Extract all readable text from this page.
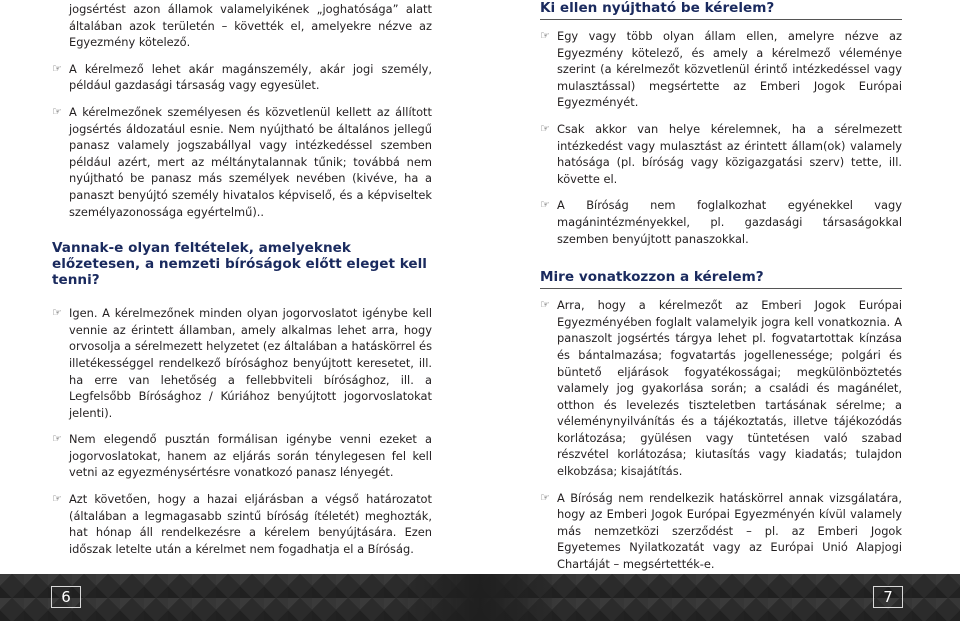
jogsértést azon államok valamelyikének „joghatósága” alatt általában azok területén – követték el, amelyekre nézve az Egyezmény kötelező.

☞ A kérelmező lehet akár magánszemély, akár jogi személy, például gazdasági társaság vagy egyesület.

☞ A kérelmezőnek személyesen és közvetlenül kellett az állított jogsértés áldozatául esnie. Nem nyújtható be általános jellegű panasz valamely jogszabállyal vagy intézkedéssel szemben például azért, mert az méltánytalannak tűnik; továbbá nem nyújtható be panasz más személyek nevében (kivéve, ha a panaszt benyújtó személy hivatalos képviselő, és a képviseltek személyazonossága egyértelmű)..

Vannak-e olyan feltételek, amelyeknek előzetesen, a nemzeti bíróságok előtt eleget kell tenni?

☞ Igen. A kérelmezőnek minden olyan jogorvoslatot igénybe kell vennie az érintett államban, amely alkalmas lehet arra, hogy orvosolja a sérelmezett helyzetet (ez általában a hatáskörrel és illetékességgel rendelkező bírósághoz benyújtott keresetet, ill. ha erre van lehetőség a fellebbviteli bírósághoz, ill. a Legfelsőbb Bírósághoz / Kúriához benyújtott jogorvoslatokat jelenti).

☞ Nem elegendő pusztán formálisan igénybe venni ezeket a jogorvoslatokat, hanem az eljárás során ténylegesen fel kell vetni az egyezménysértésre vonatkozó panasz lényegét.

☞ Azt követően, hogy a hazai eljárásban a végső határozatot (általában a legmagasabb szintű bíróság ítéletét) meghozták, hat hónap áll rendelkezésre a kérelem benyújtására. Ezen időszak letelte után a kérelmet nem fogadhatja el a Bíróság.

Ki ellen nyújtható be kérelem?

☞ Egy vagy több olyan állam ellen, amelyre nézve az Egyezmény kötelező, és amely a kérelmező véleménye szerint (a kérelmezőt közvetlenül érintő intézkedéssel vagy mulasztással) megsértette az Emberi Jogok Európai Egyezményét.

☞ Csak akkor van helye kérelemnek, ha a sérelmezett intézkedést vagy mulasztást az érintett állam(ok) valamely hatósága (pl. bíróság vagy közigazgatási szerv) tette, ill. követte el.

☞ A Bíróság nem foglalkozhat egyénekkel vagy magánintézményekkel, pl. gazdasági társaságokkal szemben benyújtott panaszokkal.

Mire vonatkozzon a kérelem?

☞ Arra, hogy a kérelmezőt az Emberi Jogok Európai Egyezményében foglalt valamelyik jogra kell vonatkoznia. A panaszolt jogsértés tárgya lehet pl. fogvatartottak kínzása és bántalmazása; fogvatartás jogellenessége; polgári és büntető eljárások fogyatékosságai; megkülönböztetés valamely jog gyakorlása során; a családi és magánélet, otthon és levelezés tiszteletben tartásának sérelme; a véleménynyilvánítás és a tájékoztatás, illetve tájékozódás korlátozása; gyülésen vagy tüntetésen való szabad részvétel korlátozása; kiutasítás vagy kiadatás; tulajdon elkobzása; kisajátítás.

☞ A Bíróság nem rendelkezik hatáskörrel annak vizsgálatára, hogy az Emberi Jogok Európai Egyezményén kívül valamely más nemzetközi szerződést – pl. az Emberi Jogok Egyetemes Nyilatkozatát vagy az Európai Unió Alapjogi Chartáját – megsértették-e.

6	7
